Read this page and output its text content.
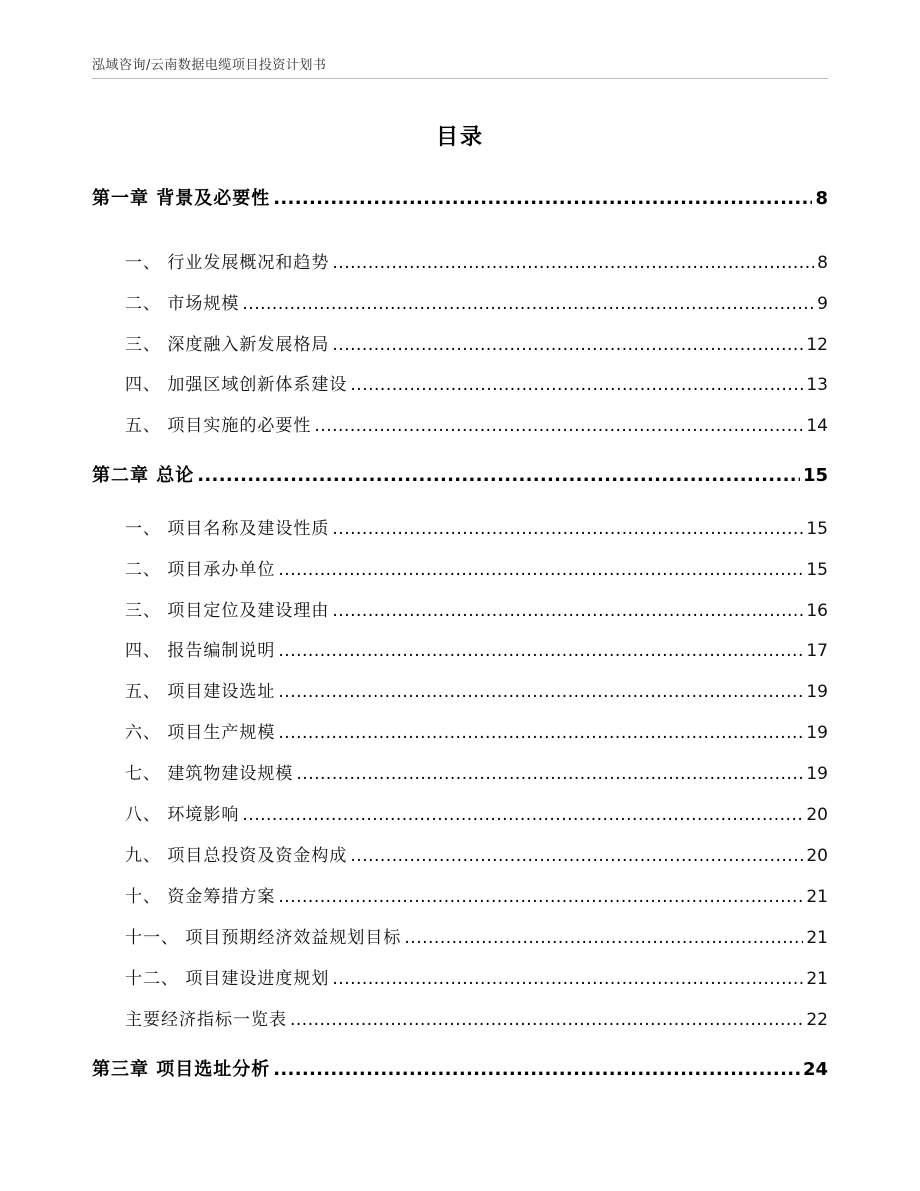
泓域咨询/云南数据电缆项目投资计划书
目录
第一章 背景及必要性 .....	8
一、 行业发展概况和趋势 .....	8
二、 市场规模 .....	9
三、 深度融入新发展格局 .....	12
四、 加强区域创新体系建设 .....	13
五、 项目实施的必要性 .....	14
第二章 总论 .....	15
一、 项目名称及建设性质 .....	15
二、 项目承办单位 .....	15
三、 项目定位及建设理由 .....	16
四、 报告编制说明 .....	17
五、 项目建设选址 .....	19
六、 项目生产规模 .....	19
七、 建筑物建设规模 .....	19
八、 环境影响 .....	20
九、 项目总投资及资金构成 .....	20
十、 资金筹措方案 .....	21
十一、 项目预期经济效益规划目标 .....	21
十二、 项目建设进度规划 .....	21
主要经济指标一览表 .....	22
第三章 项目选址分析 .....	24
